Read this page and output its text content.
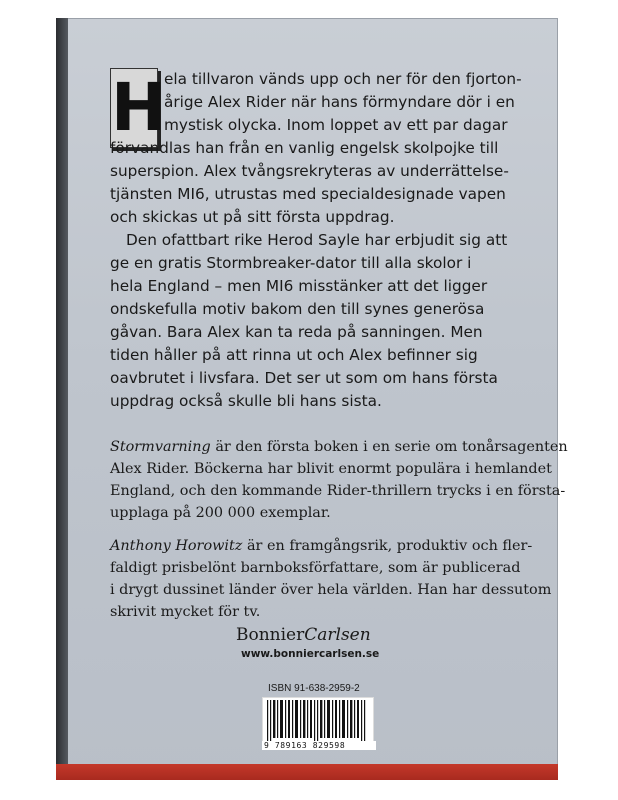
H
ela tillvaron vänds upp och ner för den fjorton-
årige Alex Rider när hans förmyndare dör i en
mystisk olycka. Inom loppet av ett par dagar
förvandlas han från en vanlig engelsk skolpojke till
superspion. Alex tvångsrekryteras av underrättelse-
tjänsten MI6, utrustas med specialdesignade vapen
och skickas ut på sitt första uppdrag.
Den ofattbart rike Herod Sayle har erbjudit sig att
ge en gratis Stormbreaker-dator till alla skolor i
hela England – men MI6 misstänker att det ligger
ondskefulla motiv bakom den till synes generösa
gåvan. Bara Alex kan ta reda på sanningen. Men
tiden håller på att rinna ut och Alex befinner sig
oavbrutet i livsfara. Det ser ut som om hans första
uppdrag också skulle bli hans sista.
Stormvarning är den första boken i en serie om tonårsagenten
Alex Rider. Böckerna har blivit enormt populära i hemlandet
England, och den kommande Rider-thrillern trycks i en första-
upplaga på 200 000 exemplar.
Anthony Horowitz är en framgångsrik, produktiv och fler-
faldigt prisbelönt barnboksförfattare, som är publicerad
i drygt dussinet länder över hela världen. Han har dessutom
skrivit mycket för tv.
BonnierCarlsen
www.bonniercarlsen.se
ISBN 91-638-2959-2
9 789163 829598
